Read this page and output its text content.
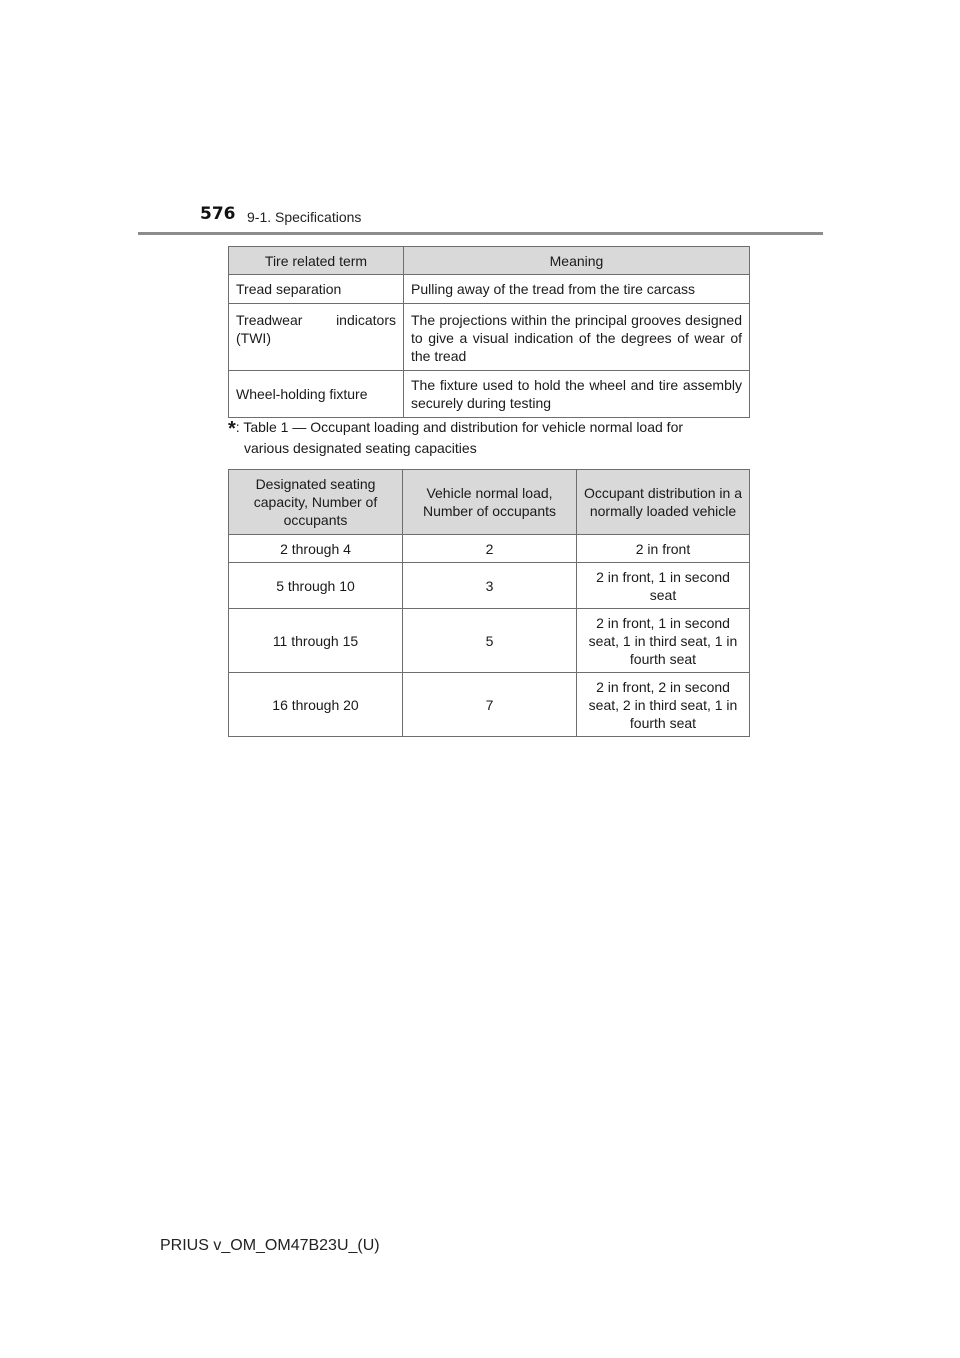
576 9-1. Specifications
Tire related term	Meaning
Tread separation	Pulling away of the tread from the tire carcass
Treadwear indicators (TWI)	The projections within the principal grooves designed to give a visual indication of the degrees of wear of the tread
Wheel-holding fixture	The fixture used to hold the wheel and tire assembly securely during testing
*: Table 1 — Occupant loading and distribution for vehicle normal load for
various designated seating capacities
Designated seating capacity, Number of occupants	Vehicle normal load, Number of occupants	Occupant distribution in a normally loaded vehicle
2 through 4	2	2 in front
5 through 10	3	2 in front, 1 in second seat
11 through 15	5	2 in front, 1 in second seat, 1 in third seat, 1 in fourth seat
16 through 20	7	2 in front, 2 in second seat, 2 in third seat, 1 in fourth seat
PRIUS v_OM_OM47B23U_(U)
